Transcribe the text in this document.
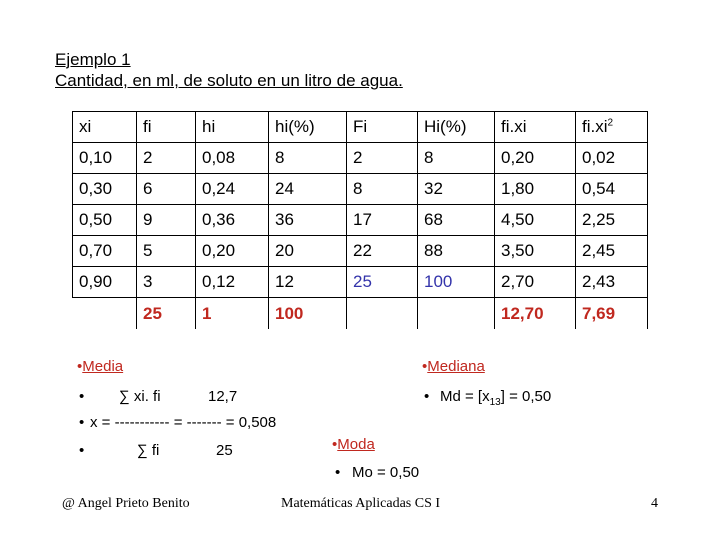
Ejemplo 1
Cantidad, en ml, de soluto en un litro de agua.
xi	fi	hi	hi(%)	Fi	Hi(%)	fi.xi	$fi.xi^2$
0,10	2	0,08	8	2	8	0,20	0,02
0,30	6	0,24	24	8	32	1,80	0,54
0,50	9	0,36	36	17	68	4,50	2,25
0,70	5	0,20	20	22	88	3,50	2,45
0,90	3	0,12	12	25	100	2,70	2,43
	25	1	100			12,70	7,69
•Media
• ∑ xi. fi	12,7
• x = ----------- = ------- = 0,508
•	∑ fi	25
•Mediana
• $Md = [x_{13}] = 0,50$
•Moda
• Mo = 0,50
@ Angel Prieto Benito	Matemáticas Aplicadas CS I	4
